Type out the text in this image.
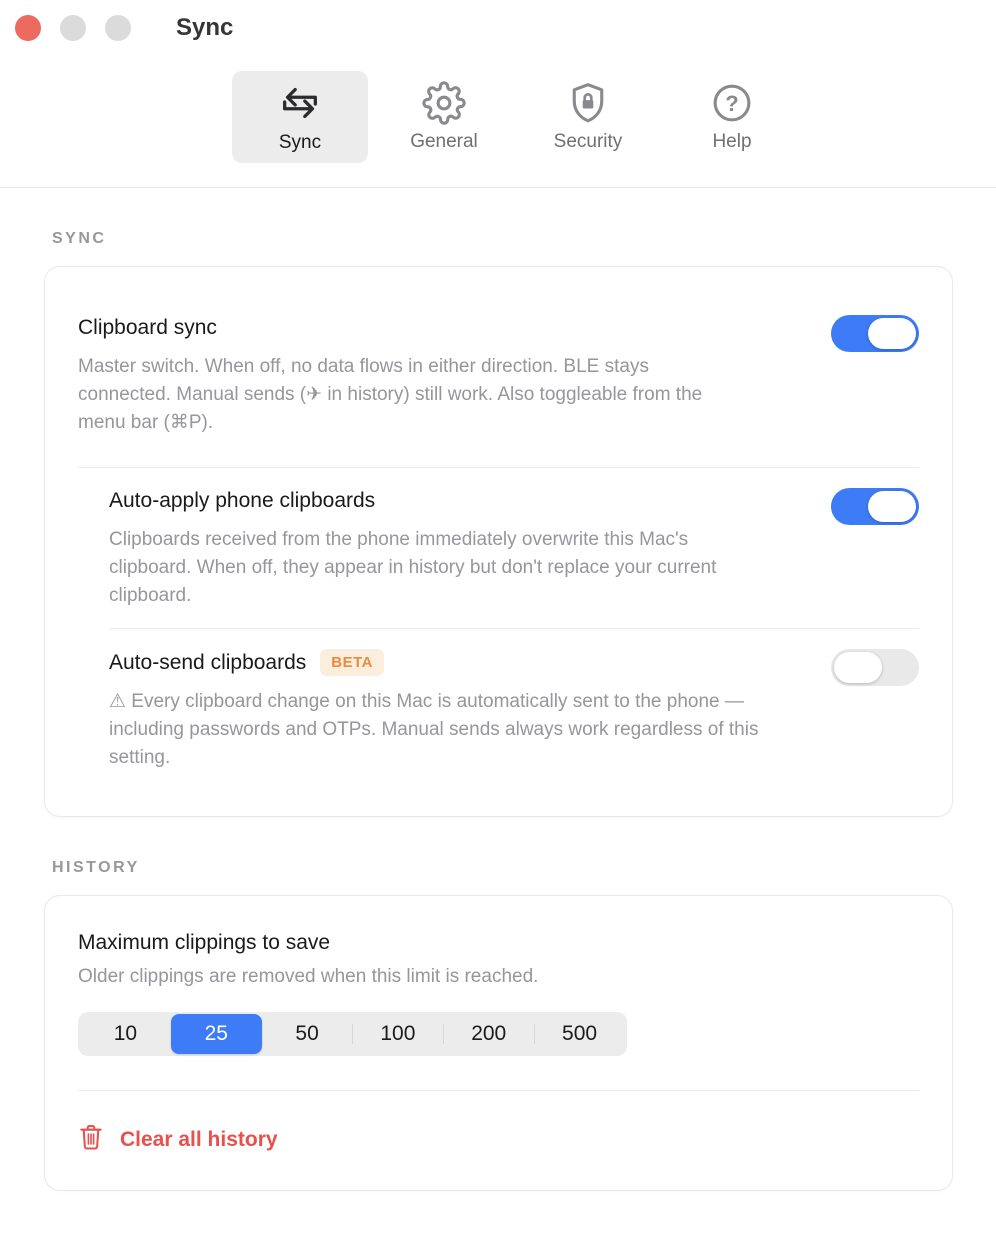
Sync
Sync	General	Security
?
Help
SYNC
Clipboard sync
Master switch. When off, no data flows in either direction. BLE stays connected. Manual sends (✈ in history) still work. Also toggleable from the menu bar (⌘P).
Auto-apply phone clipboards
Clipboards received from the phone immediately overwrite this Mac's clipboard. When off, they appear in history but don't replace your current clipboard.
Auto-send clipboards	BETA
⚠ Every clipboard change on this Mac is automatically sent to the phone — including passwords and OTPs. Manual sends always work regardless of this setting.
HISTORY
Maximum clippings to save
Older clippings are removed when this limit is reached.
10	25	50	100	200	500
Clear all history
